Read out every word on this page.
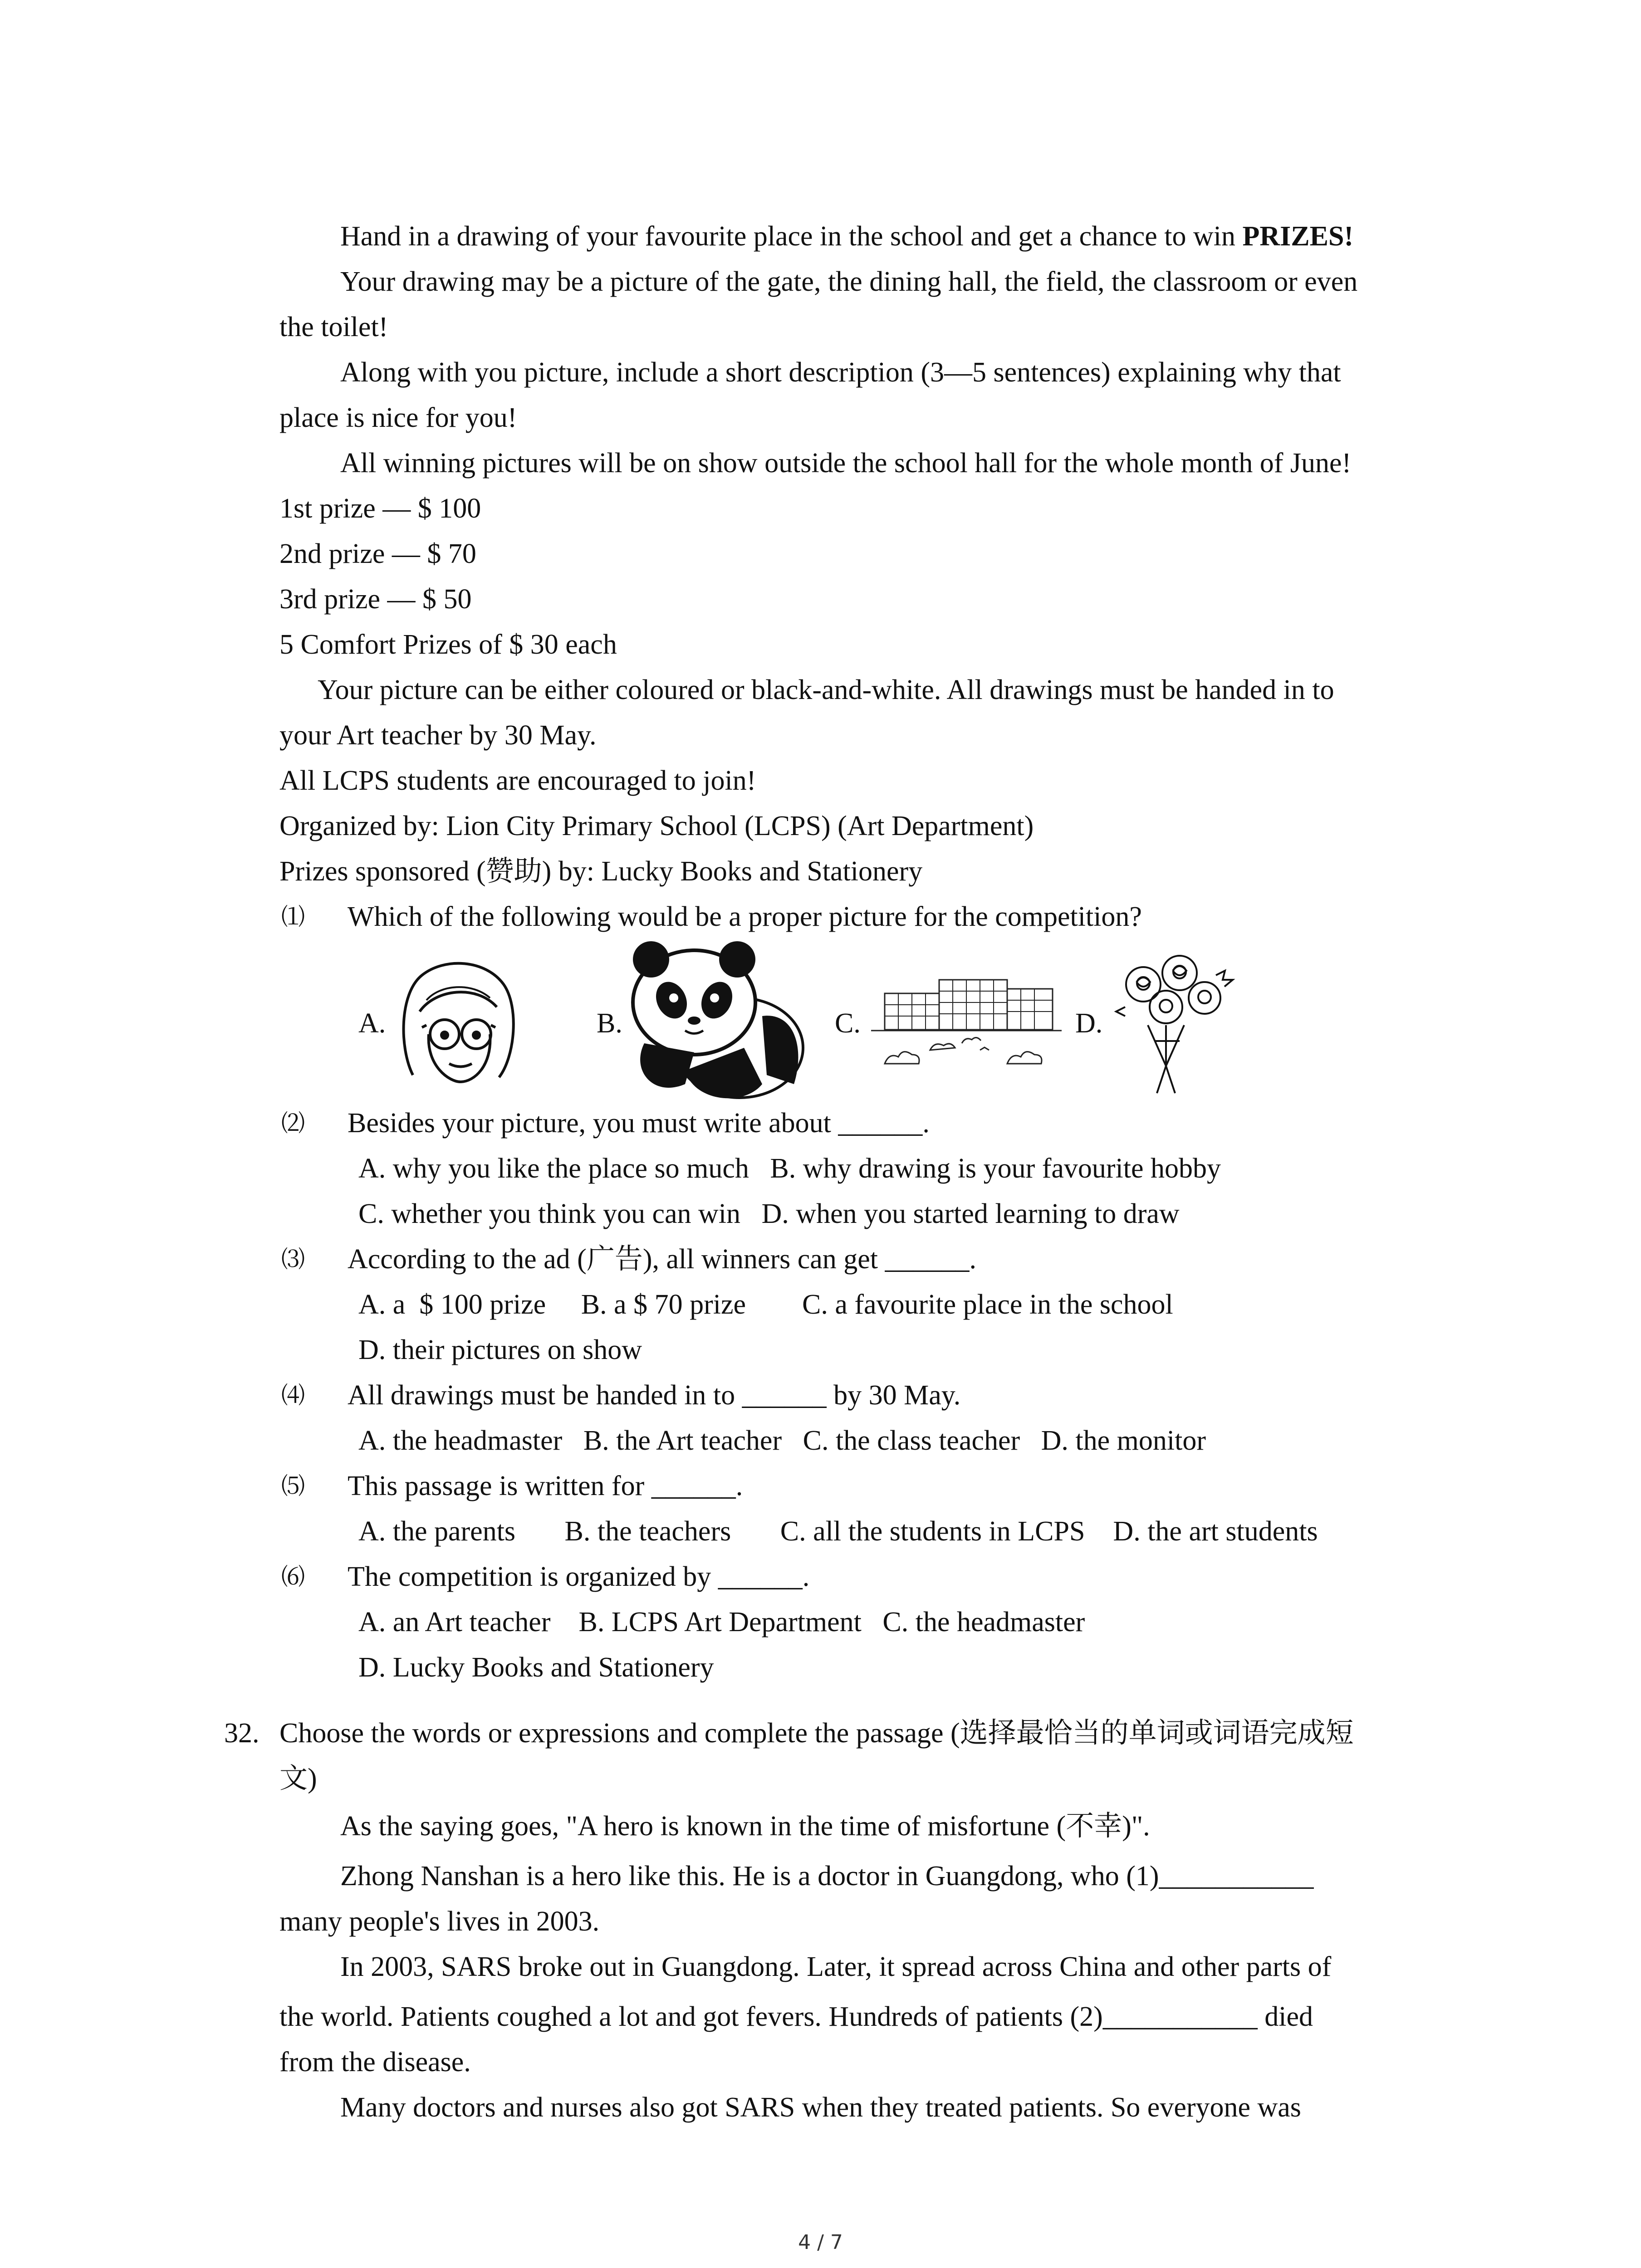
Hand in a drawing of your favourite place in the school and get a chance to win PRIZES!
Your drawing may be a picture of the gate, the dining hall, the field, the classroom or even
the toilet!
Along with you picture, include a short description (3—5 sentences) explaining why that
place is nice for you!
All winning pictures will be on show outside the school hall for the whole month of June!
1st prize — $ 100
2nd prize — $ 70
3rd prize — $ 50
5 Comfort Prizes of $ 30 each
Your picture can be either coloured or black-and-white. All drawings must be handed in to
your Art teacher by 30 May.
All LCPS students are encouraged to join!
Organized by: Lion City Primary School (LCPS) (Art Department)
Prizes sponsored (赞助) by: Lucky Books and Stationery
⑴ Which of the following would be a proper picture for the competition?
A.	B.	C.	D.
⑵ Besides your picture, you must write about ______.
A. why you like the place so much   B. why drawing is your favourite hobby
C. whether you think you can win   D. when you started learning to draw
⑶ According to the ad (广告), all winners can get ______.
A. a  $ 100 prize     B. a $ 70 prize        C. a favourite place in the school
D. their pictures on show
⑷ All drawings must be handed in to ______ by 30 May.
A. the headmaster   B. the Art teacher   C. the class teacher   D. the monitor
⑸ This passage is written for ______.
A. the parents       B. the teachers       C. all the students in LCPS    D. the art students
⑹ The competition is organized by ______.
A. an Art teacher    B. LCPS Art Department   C. the headmaster
D. Lucky Books and Stationery
32. Choose the words or expressions and complete the passage (选择最恰当的单词或词语完成短
文)
As the saying goes, "A hero is known in the time of misfortune (不幸)".
Zhong Nanshan is a hero like this. He is a doctor in Guangdong, who (1)___________
many people's lives in 2003.
In 2003, SARS broke out in Guangdong. Later, it spread across China and other parts of
the world. Patients coughed a lot and got fevers. Hundreds of patients (2)___________ died
from the disease.
Many doctors and nurses also got SARS when they treated patients. So everyone was
4 / 7
